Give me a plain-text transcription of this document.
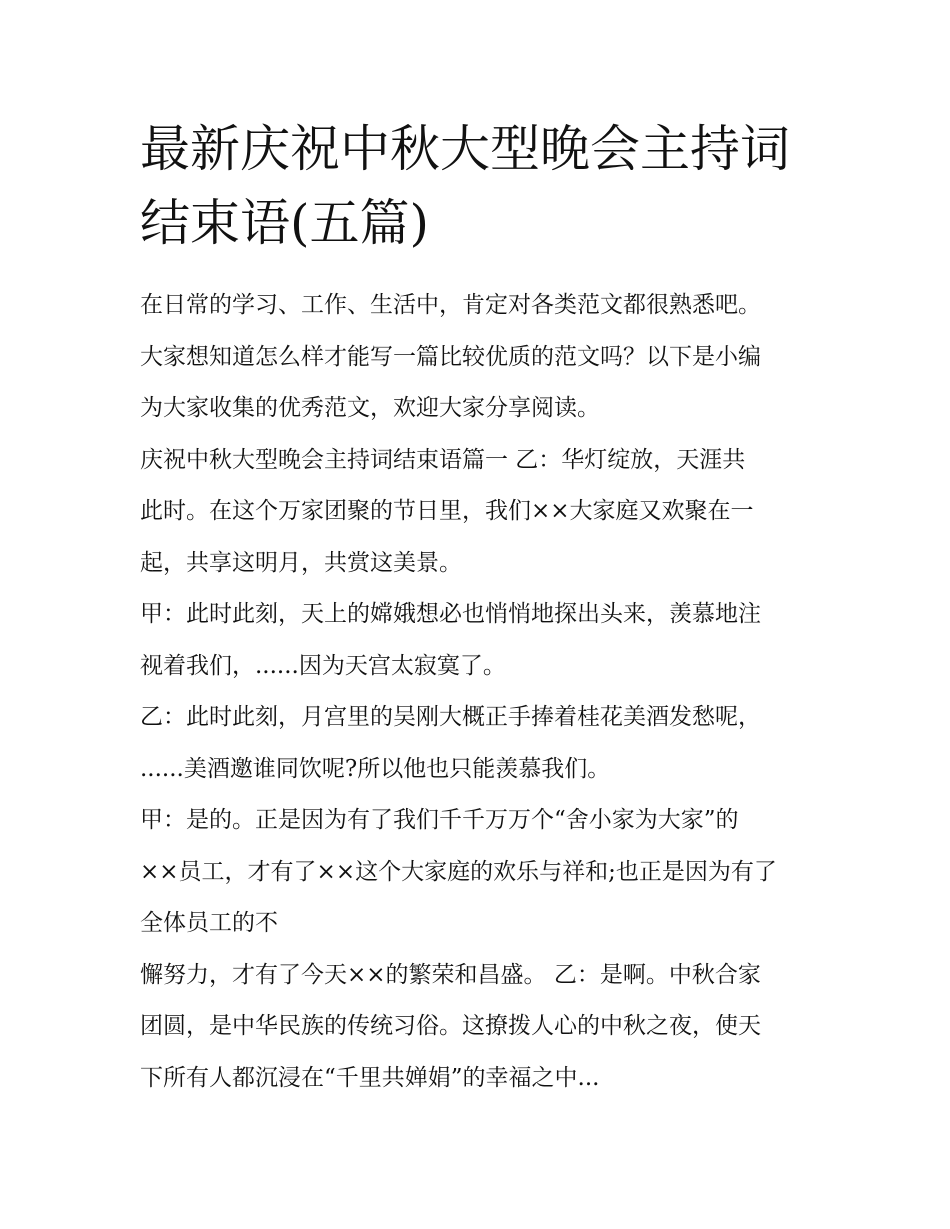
最新庆祝中秋大型晚会主持词
结束语(五篇)
在日常的学习、工作、生活中，肯定对各类范文都很熟悉吧。
大家想知道怎么样才能写一篇比较优质的范文吗？以下是小编
为大家收集的优秀范文，欢迎大家分享阅读。
庆祝中秋大型晚会主持词结束语篇一 乙：华灯绽放，天涯共
此时。在这个万家团聚的节日里，我们××大家庭又欢聚在一
起，共享这明月，共赏这美景。
甲：此时此刻，天上的嫦娥想必也悄悄地探出头来，羡慕地注
视着我们，......因为天宫太寂寞了。
乙：此时此刻，月宫里的吴刚大概正手捧着桂花美酒发愁呢，
......美酒邀谁同饮呢?所以他也只能羡慕我们。
甲：是的。正是因为有了我们千千万万个“舍小家为大家”的
××员工，才有了××这个大家庭的欢乐与祥和;也正是因为有了
全体员工的不
懈努力，才有了今天××的繁荣和昌盛。 乙：是啊。中秋合家
团圆，是中华民族的传统习俗。这撩拨人心的中秋之夜，使天
下所有人都沉浸在“千里共婵娟”的幸福之中...
